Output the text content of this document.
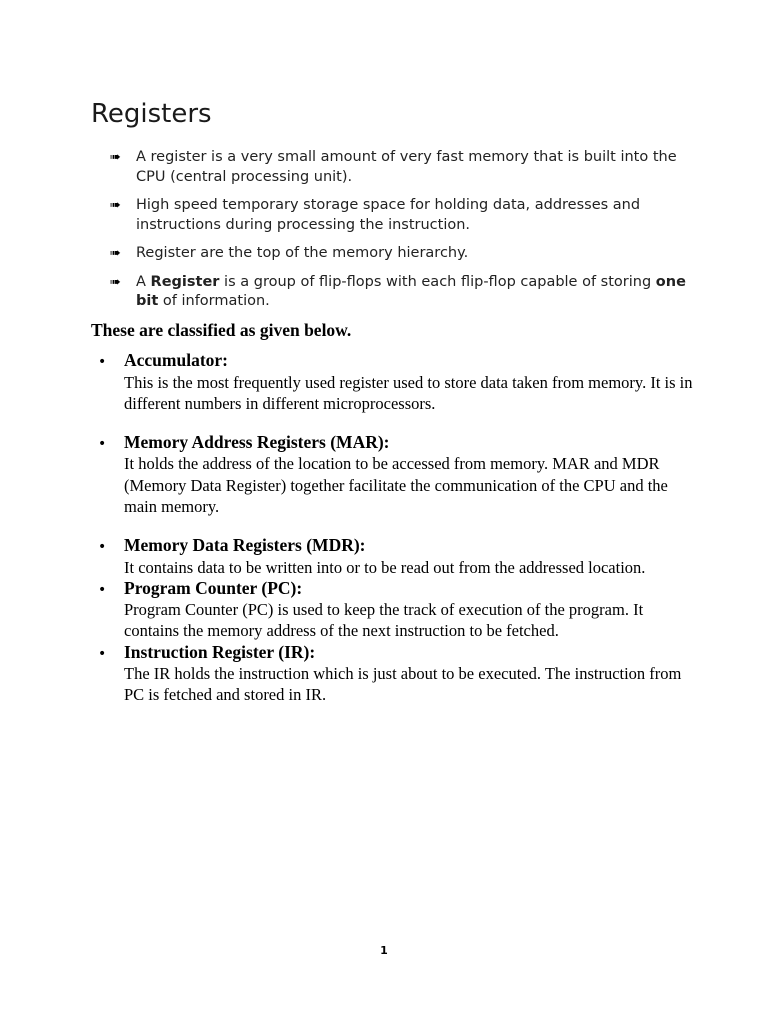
Registers
➠	A register is a very small amount of very fast memory that is built into the CPU (central processing unit).
➠	High speed temporary storage space for holding data, addresses and instructions during processing the instruction.
➠	Register are the top of the memory hierarchy.
➠	A Register is a group of flip-flops with each flip-flop capable of storing one bit of information.
These are classified as given below.
• Accumulator:
This is the most frequently used register used to store data taken from memory. It is in different numbers in different microprocessors.
• Memory Address Registers (MAR):
It holds the address of the location to be accessed from memory. MAR and MDR (Memory Data Register) together facilitate the communication of the CPU and the main memory.
• Memory Data Registers (MDR):
It contains data to be written into or to be read out from the addressed location.
• Program Counter (PC):
Program Counter (PC) is used to keep the track of execution of the program. It contains the memory address of the next instruction to be fetched.
• Instruction Register (IR):
The IR holds the instruction which is just about to be executed. The instruction from PC is fetched and stored in IR.
1
